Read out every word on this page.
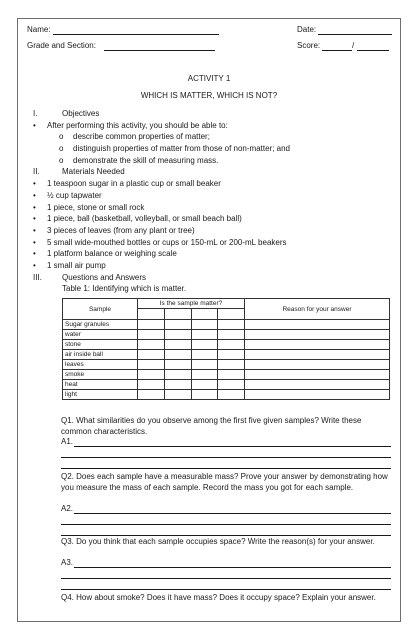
Name:	Date:
Grade and Section:	Score:	/
ACTIVITY 1
WHICH IS MATTER, WHICH IS NOT?
I.	Objectives
• After performing this activity, you should be able to:
o describe common properties of matter;
o distinguish properties of matter from those of non-matter; and
o demonstrate the skill of measuring mass.
II.	Materials Needed
• 1 teaspoon sugar in a plastic cup or small beaker
• ½ cup tapwater
• 1 piece, stone or small rock
• 1 piece, ball (basketball, volleyball, or small beach ball)
• 3 pieces of leaves (from any plant or tree)
• 5 small wide-mouthed bottles or cups or 150-mL or 200-mL beakers
• 1 platform balance or weighing scale
• 1 small air pump
III.	Questions and Answers
Table 1: Identifying which is matter.
Sample	Is the sample matter?				Reason for your answer

Sugar granules					
water					
stone					
air inside ball					
leaves					
smoke					
heat					
light					
Q1. What similarities do you observe among the first five given samples? Write these common characteristics.
A1.
Q2. Does each sample have a measurable mass? Prove your answer by demonstrating how you measure the mass of each sample. Record the mass you got for each sample.
A2.
Q3. Do you think that each sample occupies space? Write the reason(s) for your answer.
A3.
Q4. How about smoke? Does it have mass? Does it occupy space? Explain your answer.
